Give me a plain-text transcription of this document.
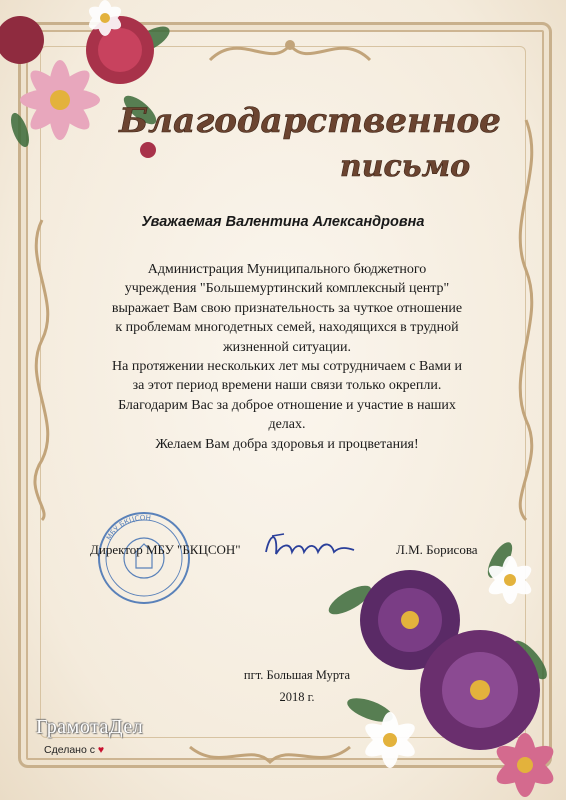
Благодарственное
письмо
Уважаемая Валентина Александровна

Администрация Муниципального бюджетного

учреждения "Большемуртинский комплексный центр"

выражает Вам свою признательность за чуткое отношение

к проблемам многодетных семей, находящихся в трудной

жизненной ситуации.

На протяжении нескольких лет мы сотрудничаем с Вами и

за этот период времени наши связи только окрепли.

Благодарим Вас за доброе отношение и участие в наших

делах.

Желаем Вам добра здоровья и процветания!

МБУ БКЦСОН
Директор МБУ "БКЦСОН"	Л.М. Борисова
пгт. Большая Мурта
2018 г.
ГрамотаДел
Сделано с ♥
